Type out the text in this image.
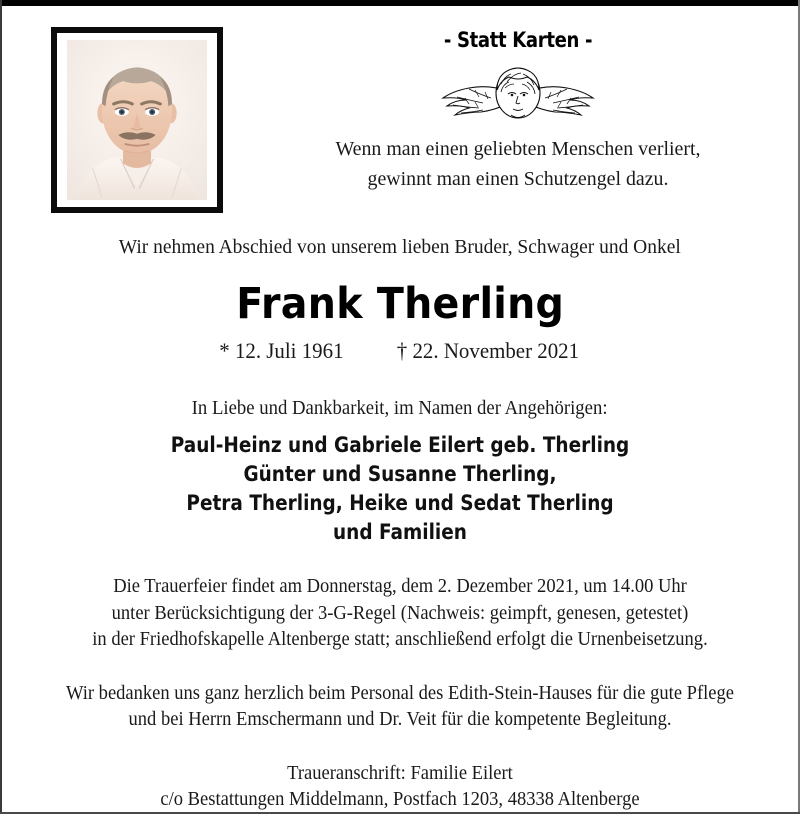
- Statt Karten -
Wenn man einen geliebten Menschen verliert,
gewinnt man einen Schutzengel dazu.
Wir nehmen Abschied von unserem lieben Bruder, Schwager und Onkel
Frank Therling
* 12. Juli 1961 † 22. November 2021
In Liebe und Dankbarkeit, im Namen der Angehörigen:
Paul-Heinz und Gabriele Eilert geb. Therling
Günter und Susanne Therling,
Petra Therling, Heike und Sedat Therling
und Familien
Die Trauerfeier findet am Donnerstag, dem 2. Dezember 2021, um 14.00 Uhr
unter Berücksichtigung der 3-G-Regel (Nachweis: geimpft, genesen, getestet)
in der Friedhofskapelle Altenberge statt; anschließend erfolgt die Urnenbeisetzung.
Wir bedanken uns ganz herzlich beim Personal des Edith-Stein-Hauses für die gute Pflege
und bei Herrn Emschermann und Dr. Veit für die kompetente Begleitung.
Traueranschrift: Familie Eilert
c/o Bestattungen Middelmann, Postfach 1203, 48338 Altenberge
